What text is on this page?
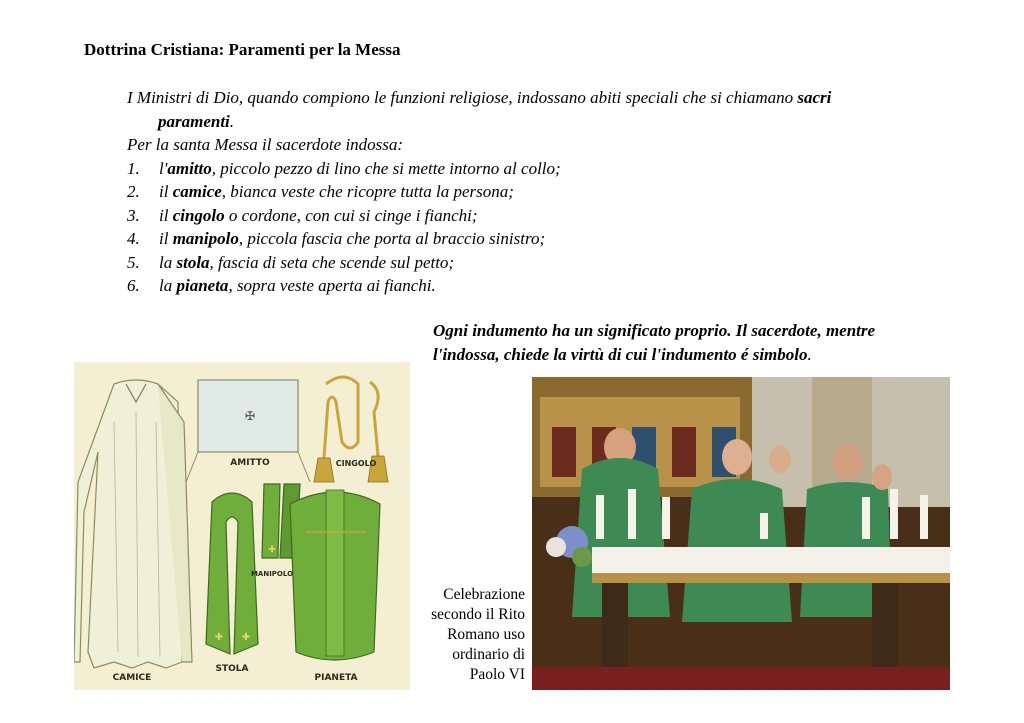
Dottrina Cristiana: Paramenti per la Messa
I Ministri di Dio, quando compiono le funzioni religiose, indossano abiti speciali che si chiamano sacri
paramenti.
Per la santa Messa il sacerdote indossa:
1.	l'amitto, piccolo pezzo di lino che si mette intorno al collo;
2.	il camice, bianca veste che ricopre tutta la persona;
3.	il cingolo o cordone, con cui si cinge i fianchi;
4.	il manipolo, piccola fascia che porta al braccio sinistro;
5.	la stola, fascia di seta che scende sul petto;
6.	la pianeta, sopra veste aperta ai fianchi.
Ogni indumento ha un significato proprio. Il sacerdote, mentre l'indossa, chiede la virtù di cui l'indumento é simbolo.
✠
✚ ✚
✚
AMITTO	CINGOLO
MANIPOLO
CAMICE
STOLA
PIANETA
Celebrazione
secondo il Rito
Romano uso
ordinario di
Paolo VI
